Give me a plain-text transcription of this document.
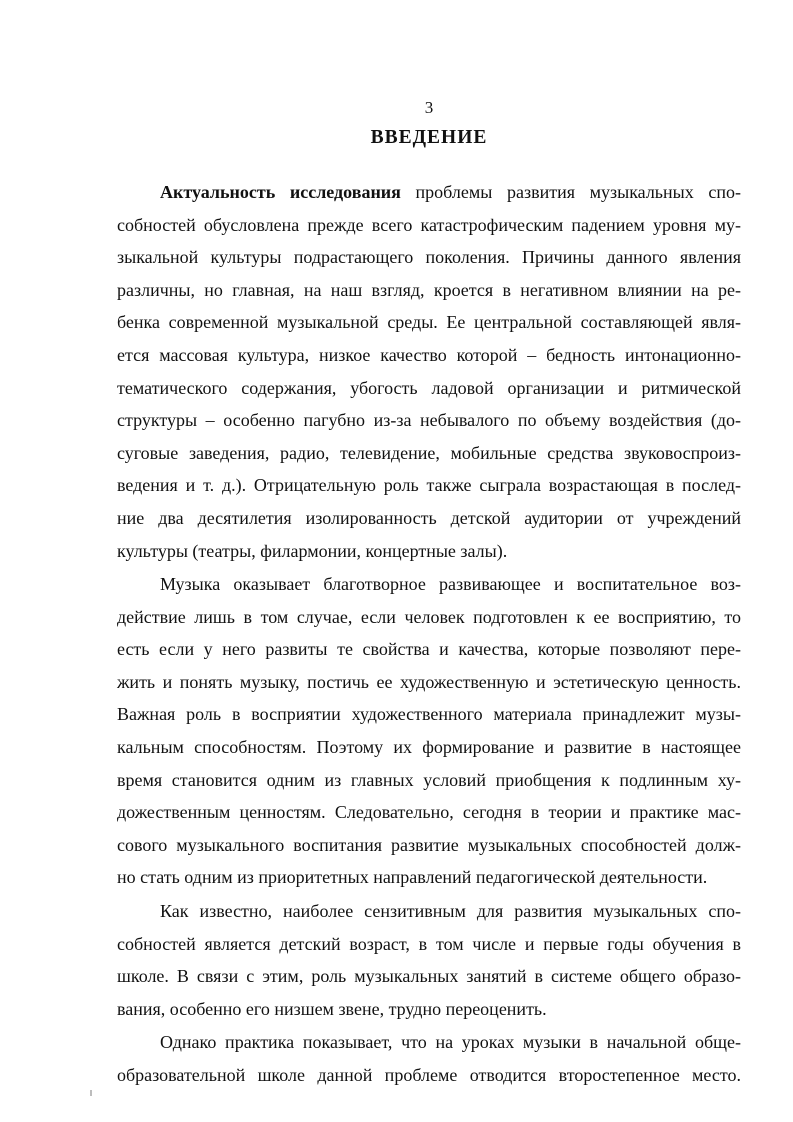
3
ВВЕДЕНИЕ
Актуальность исследования проблемы развития музыкальных спо-
собностей обусловлена прежде всего катастрофическим падением уровня му-
зыкальной культуры подрастающего поколения. Причины данного явления
различны, но главная, на наш взгляд, кроется в негативном влиянии на ре-
бенка современной музыкальной среды. Ее центральной составляющей явля-
ется массовая культура, низкое качество которой – бедность интонационно-
тематического содержания, убогость ладовой организации и ритмической
структуры – особенно пагубно из-за небывалого по объему воздействия (до-
суговые заведения, радио, телевидение, мобильные средства звуковоспроиз-
ведения и т. д.). Отрицательную роль также сыграла возрастающая в послед-
ние два десятилетия изолированность детской аудитории от учреждений
культуры (театры, филармонии, концертные залы).
Музыка оказывает благотворное развивающее и воспитательное воз-
действие лишь в том случае, если человек подготовлен к ее восприятию, то
есть если у него развиты те свойства и качества, которые позволяют пере-
жить и понять музыку, постичь ее художественную и эстетическую ценность.
Важная роль в восприятии художественного материала принадлежит музы-
кальным способностям. Поэтому их формирование и развитие в настоящее
время становится одним из главных условий приобщения к подлинным ху-
дожественным ценностям. Следовательно, сегодня в теории и практике мас-
сового музыкального воспитания развитие музыкальных способностей долж-
но стать одним из приоритетных направлений педагогической деятельности.
Как известно, наиболее сензитивным для развития музыкальных спо-
собностей является детский возраст, в том числе и первые годы обучения в
школе. В связи с этим, роль музыкальных занятий в системе общего образо-
вания, особенно его низшем звене, трудно переоценить.
Однако практика показывает, что на уроках музыки в начальной обще-
образовательной школе данной проблеме отводится второстепенное место.
